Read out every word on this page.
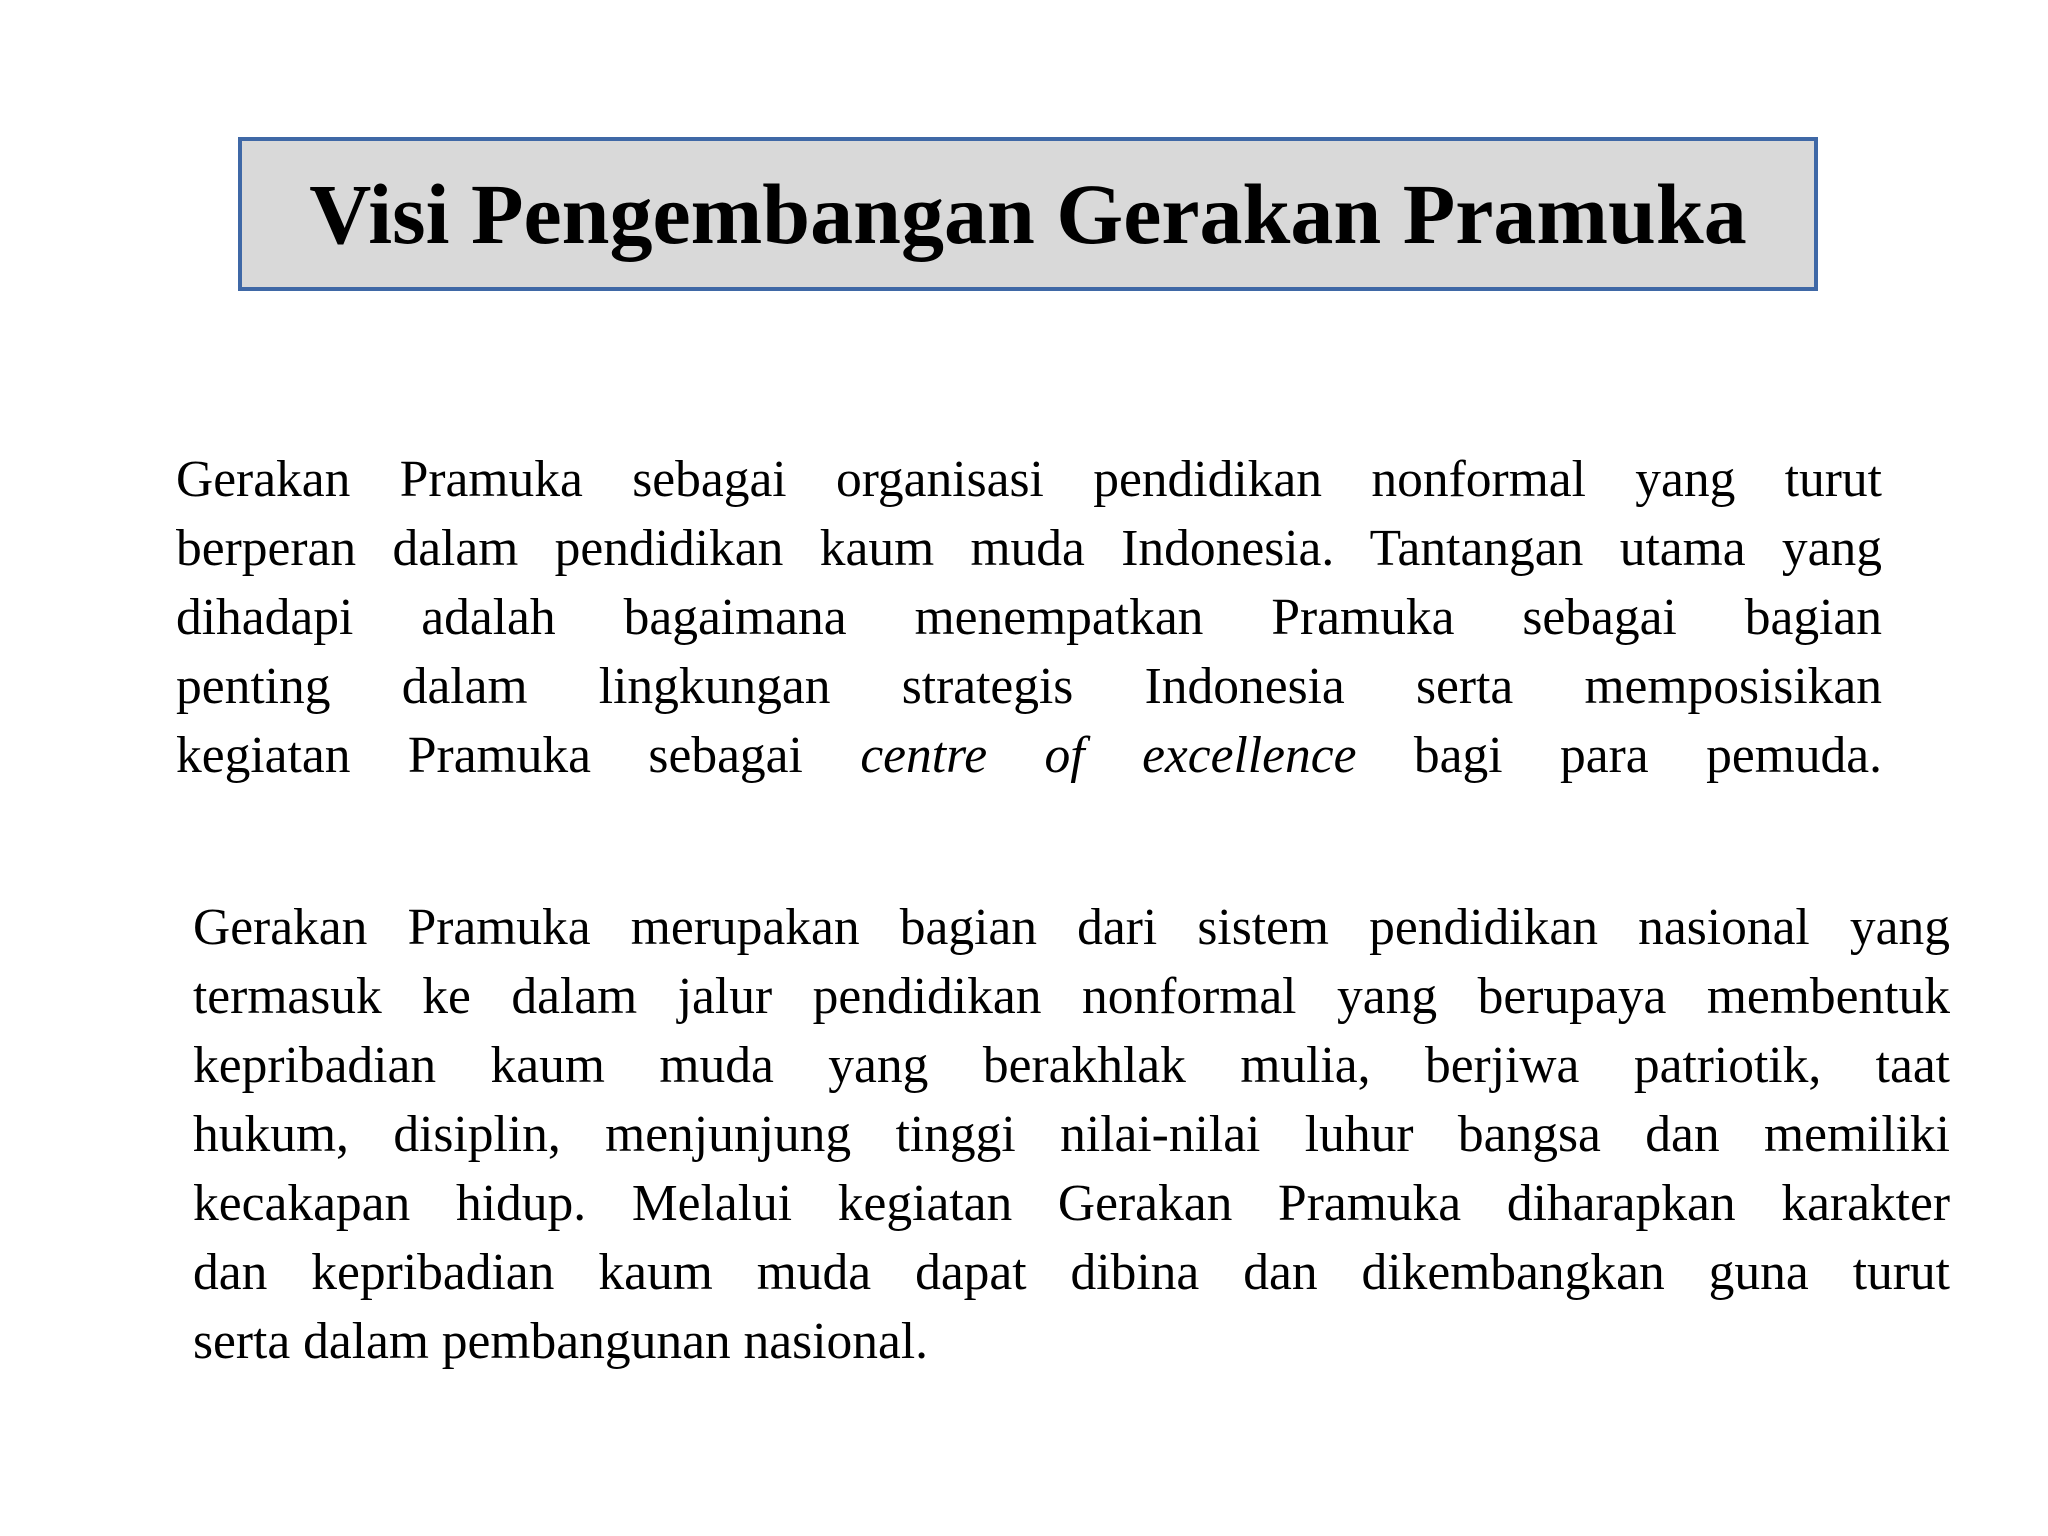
Visi Pengembangan Gerakan Pramuka
Gerakan Pramuka sebagai organisasi pendidikan nonformal yang turut
berperan dalam pendidikan kaum muda Indonesia. Tantangan utama yang
dihadapi adalah bagaimana menempatkan Pramuka sebagai bagian
penting dalam lingkungan strategis Indonesia serta memposisikan
kegiatan Pramuka sebagai centre of excellence bagi para pemuda.
Gerakan Pramuka merupakan bagian dari sistem pendidikan nasional yang
termasuk ke dalam jalur pendidikan nonformal yang berupaya membentuk
kepribadian kaum muda yang berakhlak mulia, berjiwa patriotik, taat
hukum, disiplin, menjunjung tinggi nilai-nilai luhur bangsa dan memiliki
kecakapan hidup. Melalui kegiatan Gerakan Pramuka diharapkan karakter
dan kepribadian kaum muda dapat dibina dan dikembangkan guna turut
serta dalam pembangunan nasional.
